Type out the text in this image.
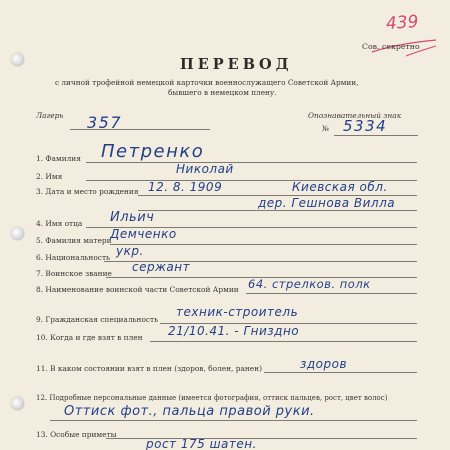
439
Сов. секретно
ПЕРЕВОД
с личной трофейной немецкой карточки военнослужащего Советской Армии,
бывшего в немецком плену.
Лагерь 357	Опознавательный знак
№ 5334
1. Фамилия Петренко
2. Имя
Николай
3. Дата и место рождения 12. 8. 1909	Киевская обл.
дер. Гешнова Вилла
4. Имя отца Ильич
5. Фамилия матери
Демченко
6. Национальность укр.
7. Воинское звание сержант
8. Наименование воинской части Советской Армии 64. стрелков. полк
9. Гражданская специальность
техник-строитель
10. Когда и где взят в плен 21/10.41. - Гниздно
11. В каком состоянии взят в плен (здоров, болен, ранен)	здоров
12. Подробные персональные данные (имеется фотография, оттиск пальцев, рост, цвет волос)
Оттиск фот., пальца правой руки.
13. Особые приметы
рост 175 шатен.
